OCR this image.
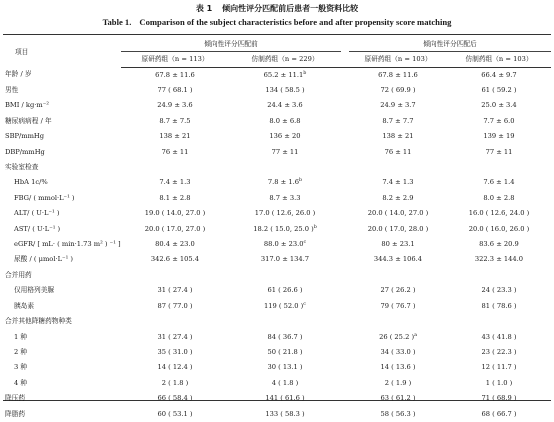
表 1 倾向性评分匹配前后患者一般资料比较
Table 1. Comparison of the subject characteristics before and after propensity score matching
项目	倾向性评分匹配前			倾向性评分匹配后	
	原研药组（n = 113）	仿制药组（n = 229）		原研药组（n = 103）	仿制药组（n = 103）
年龄 / 岁	67.8 ± 11.6	65.2 ± 11.1$^b$		67.8 ± 11.6	66.4 ± 9.7
男性	77 ( 68.1 )	134 ( 58.5 )		72 ( 69.9 )	61 ( 59.2 )
BMI / kg·m⁻²	24.9 ± 3.6	24.4 ± 3.6		24.9 ± 3.7	25.0 ± 3.4
糖尿病病程 / 年	8.7 ± 7.5	8.0 ± 6.8		8.7 ± 7.7	7.7 ± 6.0
SBP/mmHg	138 ± 21	136 ± 20		138 ± 21	139 ± 19
DBP/mmHg	76 ± 11	77 ± 11		76 ± 11	77 ± 11
实验室检查					
HbA 1c/%	7.4 ± 1.3	7.8 ± 1.6$^b$		7.4 ± 1.3	7.6 ± 1.4
FBG/ ( mmol·L⁻¹ )	8.1 ± 2.8	8.7 ± 3.3		8.2 ± 2.9	8.0 ± 2.8
ALT/ ( U·L⁻¹ )	19.0 ( 14.0, 27.0 )	17.0 ( 12.6, 26.0 )		20.0 ( 14.0, 27.0 )	16.0 ( 12.6, 24.0 )
AST/ ( U·L⁻¹ )	20.0 ( 17.0, 27.0 )	18.2 ( 15.0, 25.0 )$^b$		20.0 ( 17.0, 28.0 )	20.0 ( 16.0, 26.0 )
eGFR/ [ mL· ( min·1.73 m² ) ⁻¹ ]	80.4 ± 23.0	88.0 ± 23.0$^c$		80 ± 23.1	83.6 ± 20.9
尿酸 / ( μmol·L⁻¹ )	342.6 ± 105.4	317.0 ± 134.7		344.3 ± 106.4	322.3 ± 144.0
合并用药					
仅用格列美脲	31 ( 27.4 )	61 ( 26.6 )		27 ( 26.2 )	24 ( 23.3 )
胰岛素	87 ( 77.0 )	119 ( 52.0 )$^c$		79 ( 76.7 )	81 ( 78.6 )
合并其他降糖药物种类					
1 种	31 ( 27.4 )	84 ( 36.7 )		26 ( 25.2 )$^a$	43 ( 41.8 )
2 种	35 ( 31.0 )	50 ( 21.8 )		34 ( 33.0 )	23 ( 22.3 )
3 种	14 ( 12.4 )	30 ( 13.1 )		14 ( 13.6 )	12 ( 11.7 )
4 种	2 ( 1.8 )	4 ( 1.8 )		2 ( 1.9 )	1 ( 1.0 )
降压药	66 ( 58.4 )	141 ( 61.6 )		63 ( 61.2 )	71 ( 68.9 )
降脂药	60 ( 53.1 )	133 ( 58.3 )		58 ( 56.3 )	68 ( 66.7 )
